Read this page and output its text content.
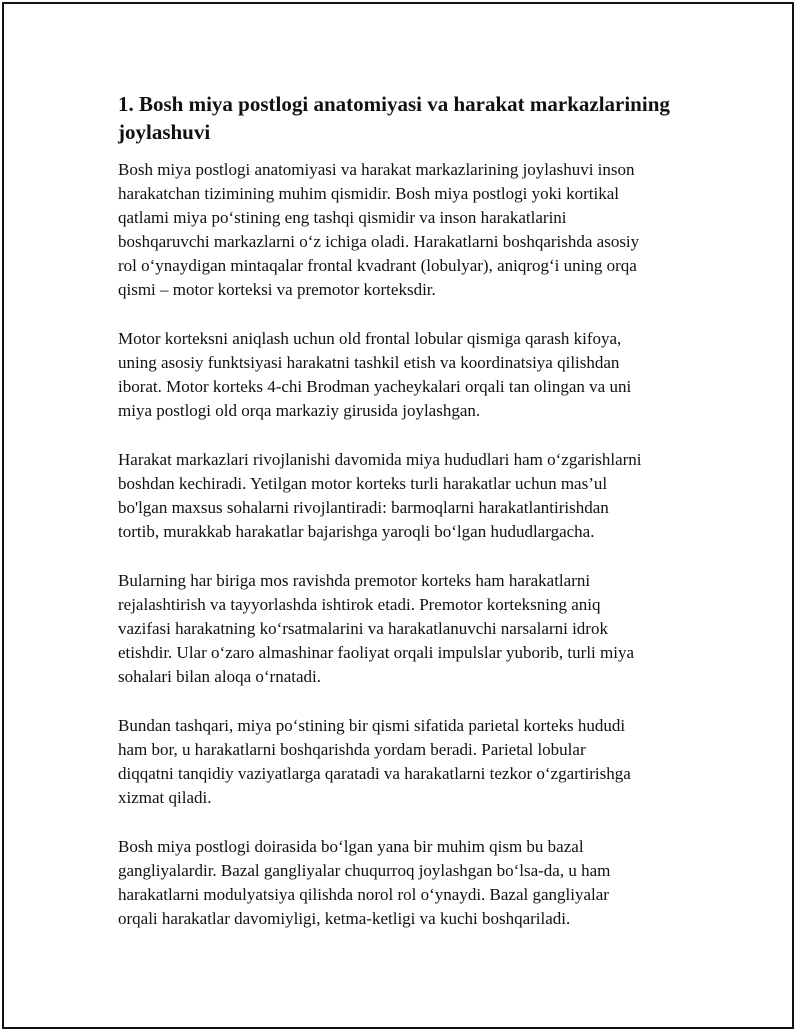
1. Bosh miya postlogi anatomiyasi va harakat markazlarining
joylashuvi

Bosh miya postlogi anatomiyasi va harakat markazlarining joylashuvi inson
harakatchan tizimining muhim qismidir. Bosh miya postlogi yoki kortikal
qatlami miya po‘stining eng tashqi qismidir va inson harakatlarini
boshqaruvchi markazlarni o‘z ichiga oladi. Harakatlarni boshqarishda asosiy
rol o‘ynaydigan mintaqalar frontal kvadrant (lobulyar), aniqrog‘i uning orqa
qismi – motor korteksi va premotor korteksdir.

Motor korteksni aniqlash uchun old frontal lobular qismiga qarash kifoya,
uning asosiy funktsiyasi harakatni tashkil etish va koordinatsiya qilishdan
iborat. Motor korteks 4-chi Brodman yacheykalari orqali tan olingan va uni
miya postlogi old orqa markaziy girusida joylashgan.

Harakat markazlari rivojlanishi davomida miya hududlari ham o‘zgarishlarni
boshdan kechiradi. Yetilgan motor korteks turli harakatlar uchun mas’ul
bo'lgan maxsus sohalarni rivojlantiradi: barmoqlarni harakatlantirishdan
tortib, murakkab harakatlar bajarishga yaroqli bo‘lgan hududlargacha.

Bularning har biriga mos ravishda premotor korteks ham harakatlarni
rejalashtirish va tayyorlashda ishtirok etadi. Premotor korteksning aniq
vazifasi harakatning ko‘rsatmalarini va harakatlanuvchi narsalarni idrok
etishdir. Ular o‘zaro almashinar faoliyat orqali impulslar yuborib, turli miya
sohalari bilan aloqa o‘rnatadi.

Bundan tashqari, miya po‘stining bir qismi sifatida parietal korteks hududi
ham bor, u harakatlarni boshqarishda yordam beradi. Parietal lobular
diqqatni tanqidiy vaziyatlarga qaratadi va harakatlarni tezkor o‘zgartirishga
xizmat qiladi.

Bosh miya postlogi doirasida bo‘lgan yana bir muhim qism bu bazal
gangliyalardir. Bazal gangliyalar chuqurroq joylashgan bo‘lsa-da, u ham
harakatlarni modulyatsiya qilishda norol rol o‘ynaydi. Bazal gangliyalar
orqali harakatlar davomiyligi, ketma-ketligi va kuchi boshqariladi.
